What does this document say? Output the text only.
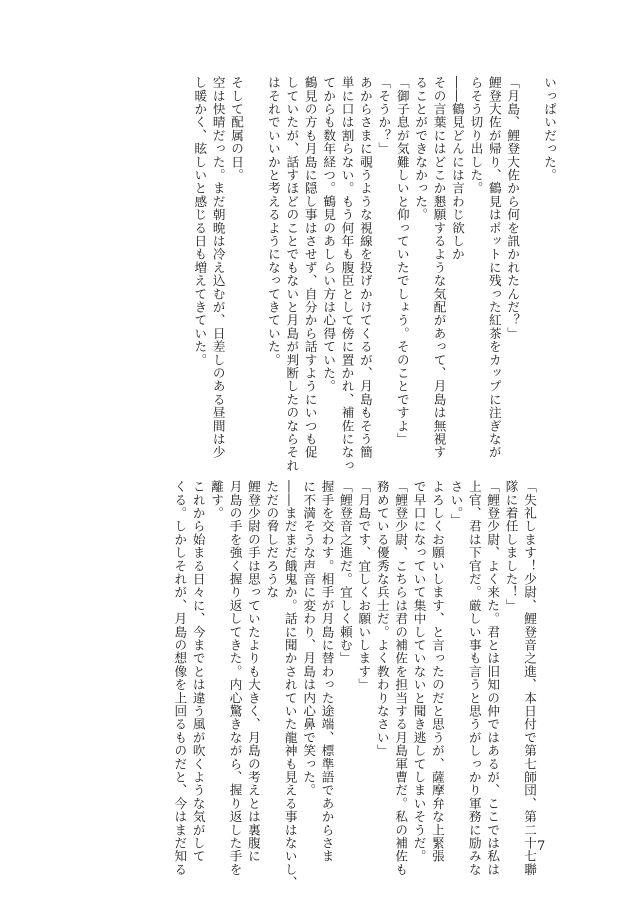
いっぱいだった。

「月島、鯉登大佐から何を訊かれたんだ？」

鯉登大佐が帰り、鶴見はポットに残った紅茶をカップに注ぎなが

らそう切り出した。

――鶴見どんには言わじ欲しか

その言葉にはどこか懇願するような気配があって、月島は無視す

ることができなかった。

「御子息が気難しいと仰っていたでしょう。そのことですよ」

「そうか？」

あからさまに覗うような視線を投げかけてくるが、月島もそう簡

単に口は割らない。もう何年も腹臣として傍に置かれ、補佐になっ

てからも数年経つ。鶴見のあしらい方は心得ていた。

鶴見の方も月島に隠し事はさせず、自分から話すようにいつも促

していたが、話すほどのことでもないと月島が判断したのならそれ

はそれでいいかと考えるようになってきていた。

そして配属の日。

空は快晴だった。まだ朝晩は冷え込むが、日差しのある昼間は少

し暖かく、眩しいと感じる日も増えてきていた。

「失礼します！少尉、鯉登音之進、本日付で第七師団、第二十七聯

隊に着任しました！」

「鯉登少尉、よく来た。君とは旧知の仲ではあるが、ここでは私は

上官、君は下官だ。厳しい事も言うと思うがしっかり軍務に励みな

さい。」

よろしくお願いします、と言ったのだと思うが、薩摩弁な上緊張

で早口になっていて集中していないと聞き逃してしまいそうだ。

「鯉登少尉、こちらは君の補佐を担当する月島軍曹だ。私の補佐も

務めている優秀な兵士だ。よく教わりなさい」

「月島です、宜しくお願いします」

「鯉登音之進だ。宜しく頼む」

握手を交わす。相手が月島に替わった途端、標準語であからさま

に不満そうな声音に変わり、月島は内心鼻で笑った。

――まだまだ餓鬼か。話に聞かされていた龍神も見える事はないし、

ただの脅しだろうな

鯉登少尉の手は思っていたよりも大きく、月島の考えとは裏腹に

月島の手を強く握り返してきた。内心驚きながら、握り返した手を

離す。

これから始まる日々に、今までとは違う風が吹くような気がして

くる。しかしそれが、月島の想像を上回るものだと、今はまだ知る	7
